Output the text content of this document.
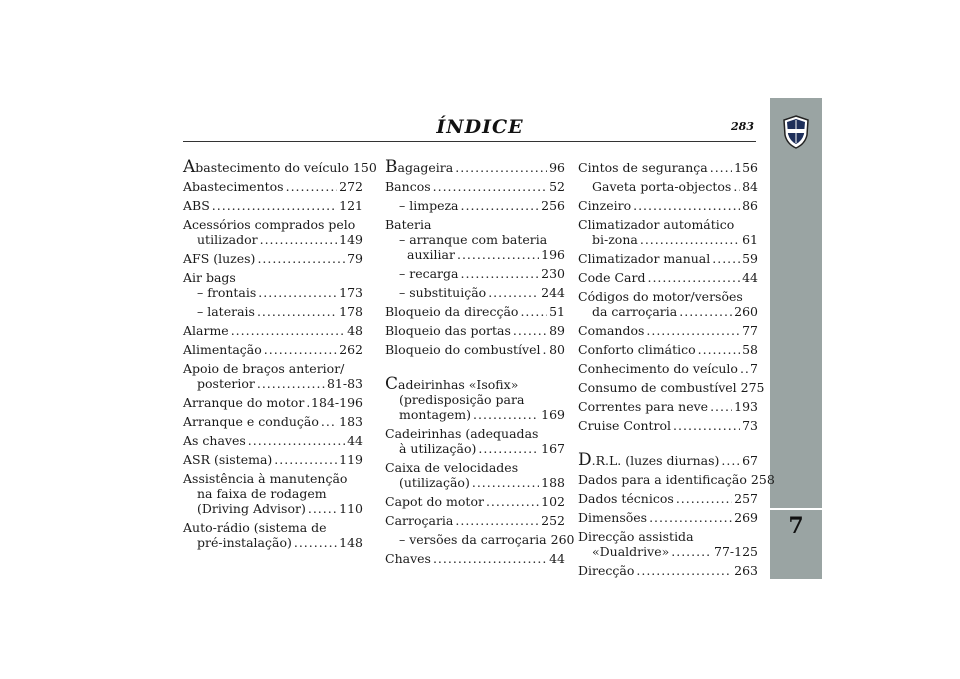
ÍNDICE	283
7
Abastecimento do veículo 150
Abastecimentos .....	272
ABS .....	121
Acessórios comprados pelo
utilizador .....	149
AFS (luzes) .....	79
Air bags
– frontais .....	173
– laterais .....	178
Alarme .....	48
Alimentação .....	262
Apoio de braços anterior/
posterior .....	81-83
Arranque do motor ..... 184-196
Arranque e condução ..... 183
As chaves .....	44
ASR (sistema) .....	119
Assistência à manutenção
na faixa de rodagem
(Driving Advisor) .....	110
Auto-rádio (sistema de
pré-instalação) .....	148
Bagageira .....	96
Bancos .....	52
– limpeza .....	256
Bateria
– arranque com bateria
auxiliar .....	196
– recarga .....	230
– substituição .....	244
Bloqueio da direcção ..... 51
Bloqueio das portas .....	89
Bloqueio do combustível ..... 80
Cadeirinhas «Isofix»
(predisposição para
montagem) .....	169
Cadeirinhas (adequadas
à utilização) .....	167
Caixa de velocidades
(utilização) .....	188
Capot do motor .....	102
Carroçaria .....	252
– versões da carroçaria 260
Chaves .....	44
Cintos de segurança ..... 156
Gaveta porta-objectos ..... 84
Cinzeiro .....	86
Climatizador automático
bi-zona .....	61
Climatizador manual .....	59
Code Card .....	44
Códigos do motor/versões
da carroçaria .....	260
Comandos .....	77
Conforto climático .....	58
Conhecimento do veículo ..... 7
Consumo de combustível 275
Correntes para neve ..... 193
Cruise Control .....	73
D.R.L. (luzes diurnas) ..... 67
Dados para a identificação 258
Dados técnicos .....	257
Dimensões .....	269
Direcção assistida
«Dualdrive» .....	77-125
Direcção .....	263
